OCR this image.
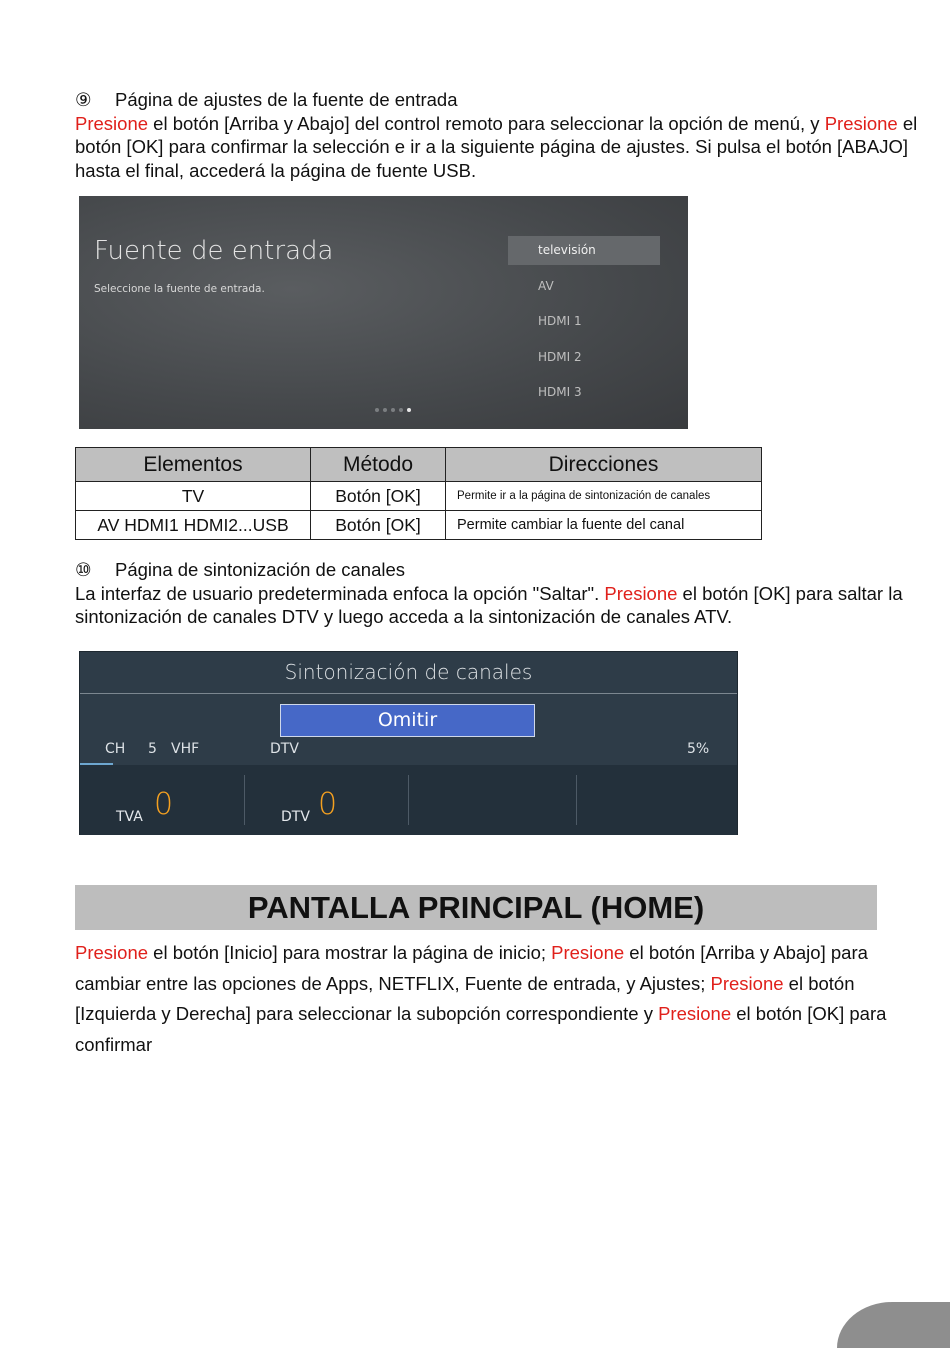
⑨ Página de ajustes de la fuente de entrada
Presione el botón [Arriba y Abajo] del control remoto para seleccionar la opción de menú, y Presione el botón [OK] para confirmar la selección e ir a la siguiente página de ajustes. Si pulsa el botón [ABAJO] hasta el final, accederá la página de fuente USB.
Fuente de entrada
Seleccione la fuente de entrada.
televisión
AV
HDMI 1
HDMI 2
HDMI 3
Elementos	Método	Direcciones
TV	Botón [OK]	Permite ir a la página de sintonización de canales
AV HDMI1 HDMI2...USB	Botón [OK]	Permite cambiar la fuente del canal
⑩ Página de sintonización de canales
La interfaz de usuario predeterminada enfoca la opción "Saltar". Presione el botón [OK] para saltar la sintonización de canales DTV y luego acceda a la sintonización de canales ATV.
Sintonización de canales
Omitir
CH 5 VHF	DTV	5%
TVA 0	DTV 0
PANTALLA PRINCIPAL (HOME)
Presione el botón [Inicio] para mostrar la página de inicio; Presione el botón [Arriba y Abajo] para cambiar entre las opciones de Apps, NETFLIX, Fuente de entrada, y Ajustes; Presione el botón [Izquierda y Derecha] para seleccionar la subopción correspondiente y Presione el botón [OK] para confirmar
